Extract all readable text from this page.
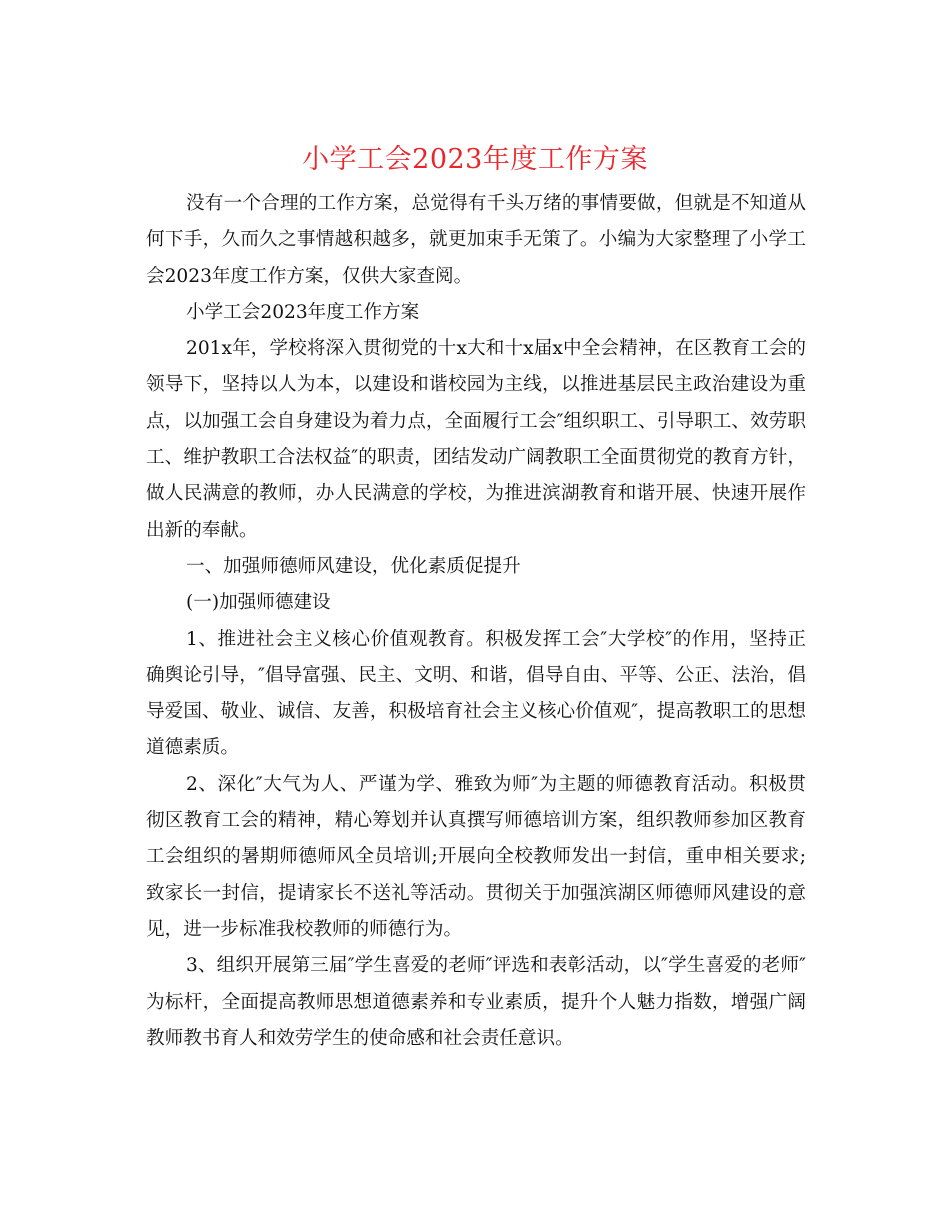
小学工会2023年度工作方案

没有一个合理的工作方案，总觉得有千头万绪的事情要做，但就是不知道从何下手，久而久之事情越积越多，就更加束手无策了。小编为大家整理了小学工会2023年度工作方案，仅供大家查阅。

小学工会2023年度工作方案

201x年，学校将深入贯彻党的十x大和十x届x中全会精神，在区教育工会的领导下，坚持以人为本，以建设和谐校园为主线，以推进基层民主政治建设为重点，以加强工会自身建设为着力点，全面履行工会″组织职工、引导职工、效劳职工、维护教职工合法权益″的职责，团结发动广阔教职工全面贯彻党的教育方针，做人民满意的教师，办人民满意的学校，为推进滨湖教育和谐开展、快速开展作出新的奉献。

一、加强师德师风建设，优化素质促提升

(一)加强师德建设

1、推进社会主义核心价值观教育。积极发挥工会″大学校″的作用，坚持正确舆论引导，″倡导富强、民主、文明、和谐，倡导自由、平等、公正、法治，倡导爱国、敬业、诚信、友善，积极培育社会主义核心价值观″，提高教职工的思想道德素质。

2、深化″大气为人、严谨为学、雅致为师″为主题的师德教育活动。积极贯彻区教育工会的精神，精心筹划并认真撰写师德培训方案，组织教师参加区教育工会组织的暑期师德师风全员培训;开展向全校教师发出一封信，重申相关要求;致家长一封信，提请家长不送礼等活动。贯彻关于加强滨湖区师德师风建设的意见，进一步标准我校教师的师德行为。

3、组织开展第三届″学生喜爱的老师″评选和表彰活动，以″学生喜爱的老师″为标杆，全面提高教师思想道德素养和专业素质，提升个人魅力指数，增强广阔教师教书育人和效劳学生的使命感和社会责任意识。
